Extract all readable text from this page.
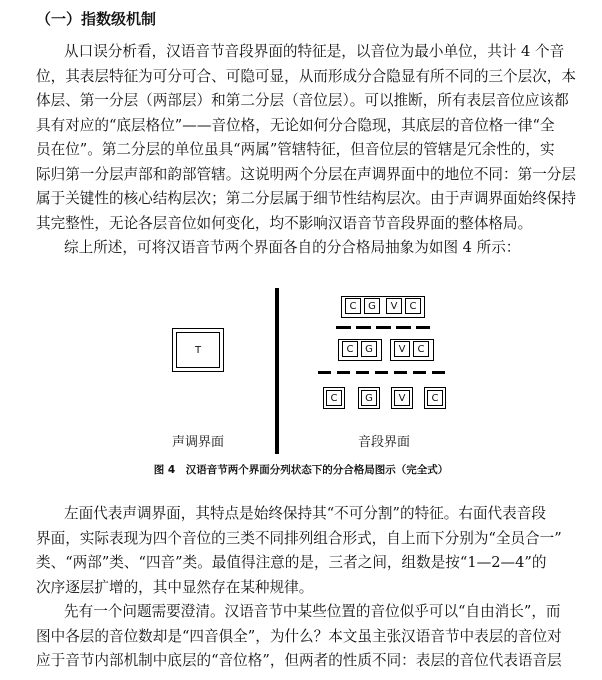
（一）指数级机制
从口误分析看，汉语音节音段界面的特征是，以音位为最小单位，共计 4 个音
位，其表层特征为可分可合、可隐可显，从而形成分合隐显有所不同的三个层次，本
体层、第一分层（两部层）和第二分层（音位层）。可以推断，所有表层音位应该都
具有对应的“底层格位”——音位格，无论如何分合隐现，其底层的音位格一律“全
员在位”。第二分层的单位虽具“两属”管辖特征，但音位层的管辖是冗余性的，实
际归第一分层声部和韵部管辖。这说明两个分层在声调界面中的地位不同：第一分层
属于关键性的核心结构层次；第二分层属于细节性结构层次。由于声调界面始终保持
其完整性，无论各层音位如何变化，均不影响汉语音节音段界面的整体格局。
综上所述，可将汉语音节两个界面各自的分合格局抽象为如图 4 所示：
T
C	G	V	C
C	G	V	C
C	G	V	C
声调界面	音段界面
图 4　汉语音节两个界面分列状态下的分合格局图示（完全式）
左面代表声调界面，其特点是始终保持其“不可分割”的特征。右面代表音段
界面，实际表现为四个音位的三类不同排列组合形式，自上而下分别为“全员合一”
类、“两部”类、“四音”类。最值得注意的是，三者之间，组数是按“1—2—4”的
次序逐层扩增的，其中显然存在某种规律。
先有一个问题需要澄清。汉语音节中某些位置的音位似乎可以“自由消长”，而
图中各层的音位数却是“四音俱全”，为什么？本文虽主张汉语音节中表层的音位对
应于音节内部机制中底层的“音位格”，但两者的性质不同：表层的音位代表语音层
